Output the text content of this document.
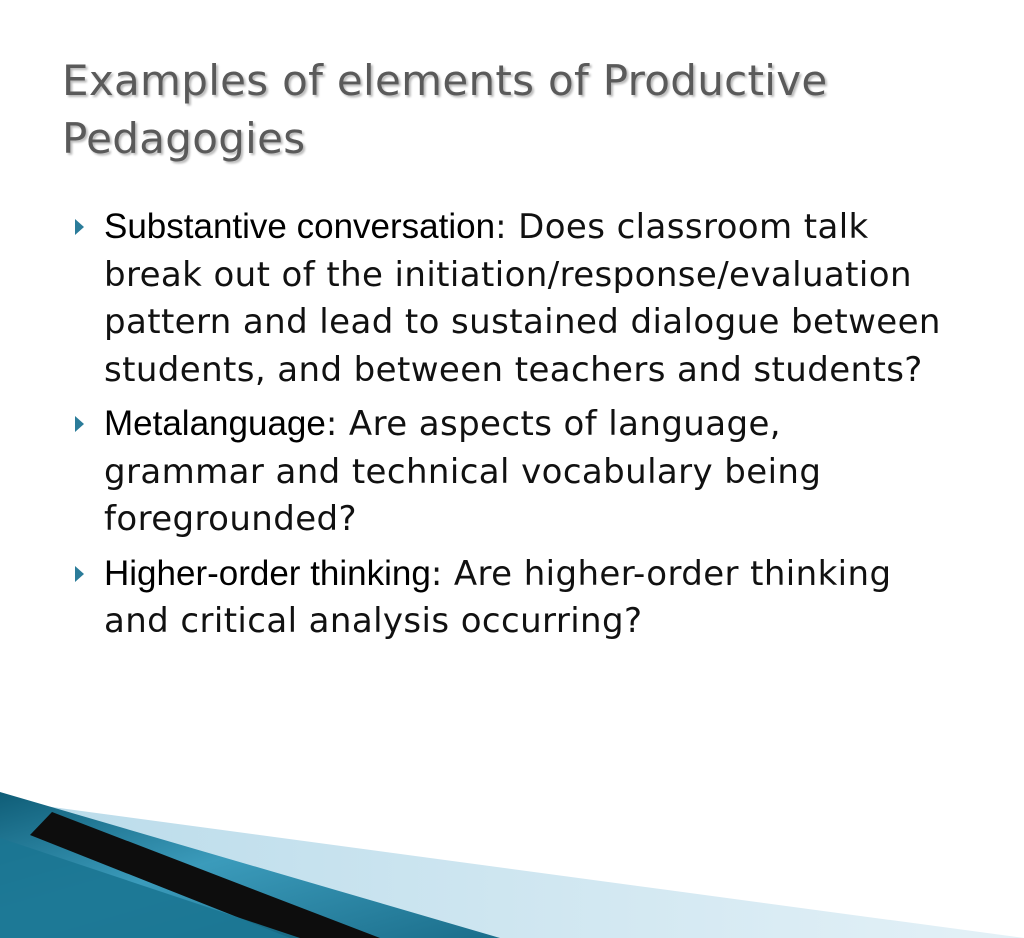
Examples of elements of Productive Pedagogies
Substantive conversation: Does classroom talk break out of the initiation/response/evaluation pattern and lead to sustained dialogue between students, and between teachers and students?
Metalanguage: Are aspects of language, grammar and technical vocabulary being foregrounded?
Higher-order thinking: Are higher-order thinking and critical analysis occurring?
